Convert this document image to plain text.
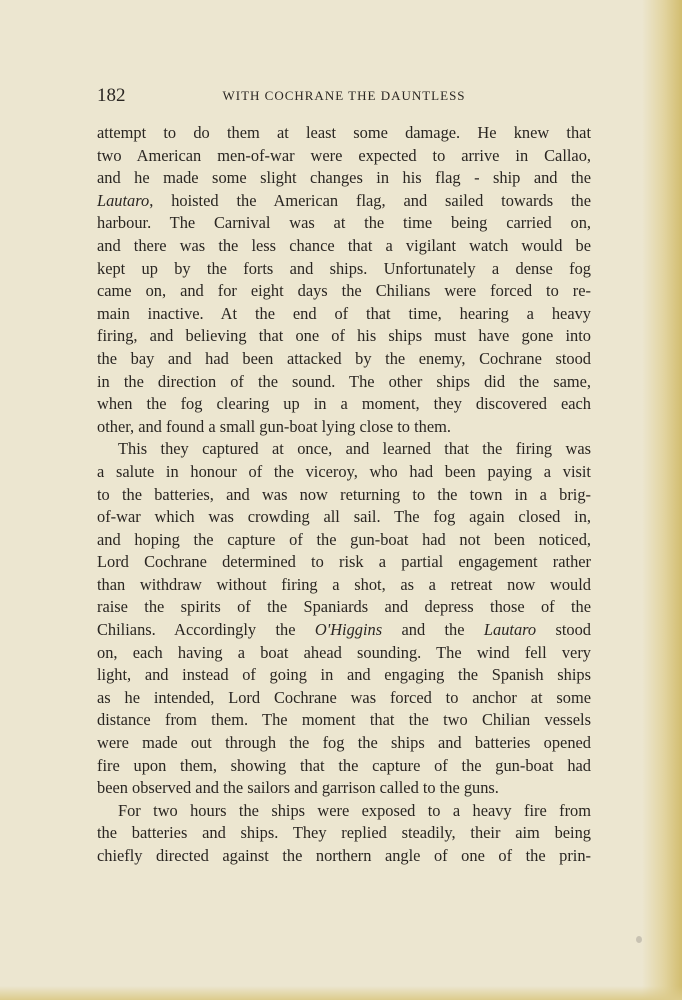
182	WITH COCHRANE THE DAUNTLESS
attempt to do them at least some damage. He knew that
two American men-of-war were expected to arrive in Callao,
and he made some slight changes in his flag - ship and the
Lautaro, hoisted the American flag, and sailed towards the
harbour. The Carnival was at the time being carried on,
and there was the less chance that a vigilant watch would be
kept up by the forts and ships. Unfortunately a dense fog
came on, and for eight days the Chilians were forced to re-
main inactive. At the end of that time, hearing a heavy
firing, and believing that one of his ships must have gone into
the bay and had been attacked by the enemy, Cochrane stood
in the direction of the sound. The other ships did the same,
when the fog clearing up in a moment, they discovered each
other, and found a small gun-boat lying close to them.
This they captured at once, and learned that the firing was
a salute in honour of the viceroy, who had been paying a visit
to the batteries, and was now returning to the town in a brig-
of-war which was crowding all sail. The fog again closed in,
and hoping the capture of the gun-boat had not been noticed,
Lord Cochrane determined to risk a partial engagement rather
than withdraw without firing a shot, as a retreat now would
raise the spirits of the Spaniards and depress those of the
Chilians. Accordingly the O'Higgins and the Lautaro stood
on, each having a boat ahead sounding. The wind fell very
light, and instead of going in and engaging the Spanish ships
as he intended, Lord Cochrane was forced to anchor at some
distance from them. The moment that the two Chilian vessels
were made out through the fog the ships and batteries opened
fire upon them, showing that the capture of the gun-boat had
been observed and the sailors and garrison called to the guns.
For two hours the ships were exposed to a heavy fire from
the batteries and ships. They replied steadily, their aim being
chiefly directed against the northern angle of one of the prin-
